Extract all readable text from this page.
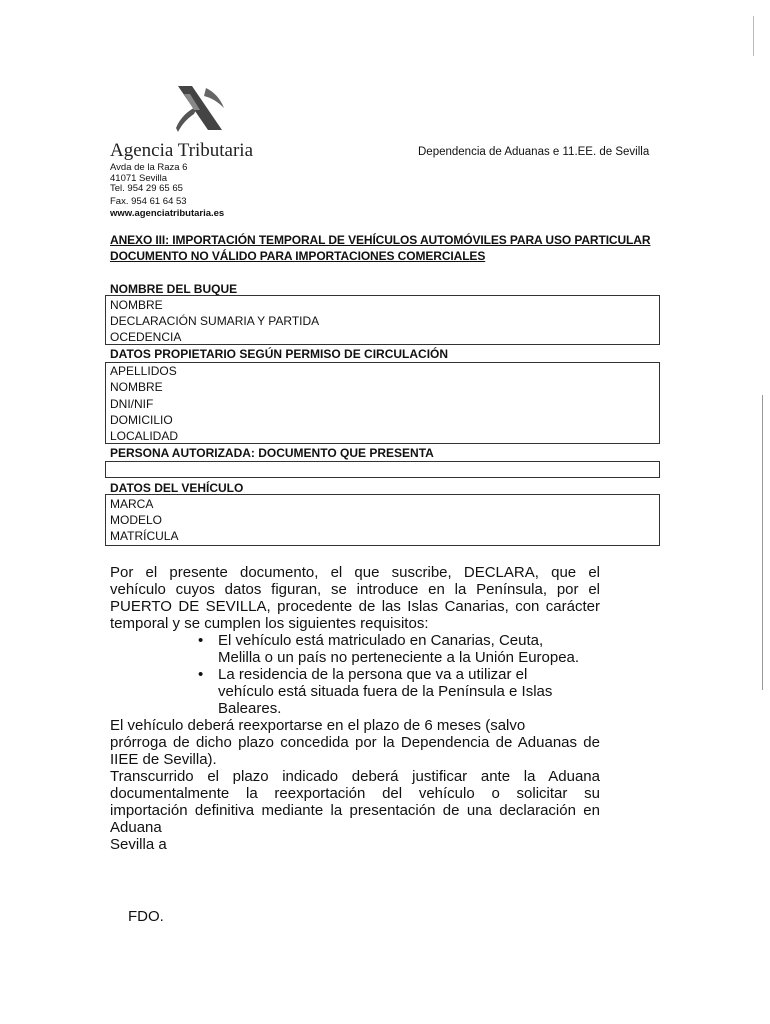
Agencia Tributaria	Dependencia de Aduanas e 11.EE. de Sevilla
Avda de la Raza 6
41071 Sevilla
Tel. 954 29 65 65
Fax. 954 61 64 53
www.agenciatributaria.es
ANEXO III: IMPORTACIÓN TEMPORAL DE VEHÍCULOS AUTOMÓVILES PARA USO PARTICULAR
DOCUMENTO NO VÁLIDO PARA IMPORTACIONES COMERCIALES
NOMBRE DEL BUQUE
NOMBRE
DECLARACIÓN SUMARIA Y PARTIDA
OCEDENCIA
DATOS PROPIETARIO SEGÚN PERMISO DE CIRCULACIÓN
APELLIDOS
NOMBRE
DNI/NIF
DOMICILIO
LOCALIDAD
PERSONA AUTORIZADA: DOCUMENTO QUE PRESENTA
DATOS DEL VEHÍCULO
MARCA
MODELO
MATRÍCULA
Por el presente documento, el que suscribe, DECLARA, que el
vehículo cuyos datos figuran, se introduce en la Península, por el
PUERTO DE SEVILLA, procedente de las Islas Canarias, con carácter
temporal y se cumplen los siguientes requisitos:
• El vehículo está matriculado en Canarias, Ceuta,
Melilla o un país no perteneciente a la Unión Europea.
• La residencia de la persona que va a utilizar el
vehículo está situada fuera de la Península e Islas
Baleares.
El vehículo deberá reexportarse en el plazo de 6 meses (salvo
prórroga de dicho plazo concedida por la Dependencia de Aduanas de
IIEE de Sevilla).
Transcurrido el plazo indicado deberá justificar ante la Aduana
documentalmente la reexportación del vehículo o solicitar su
importación definitiva mediante la presentación de una declaración en
Aduana
Sevilla a
FDO.
